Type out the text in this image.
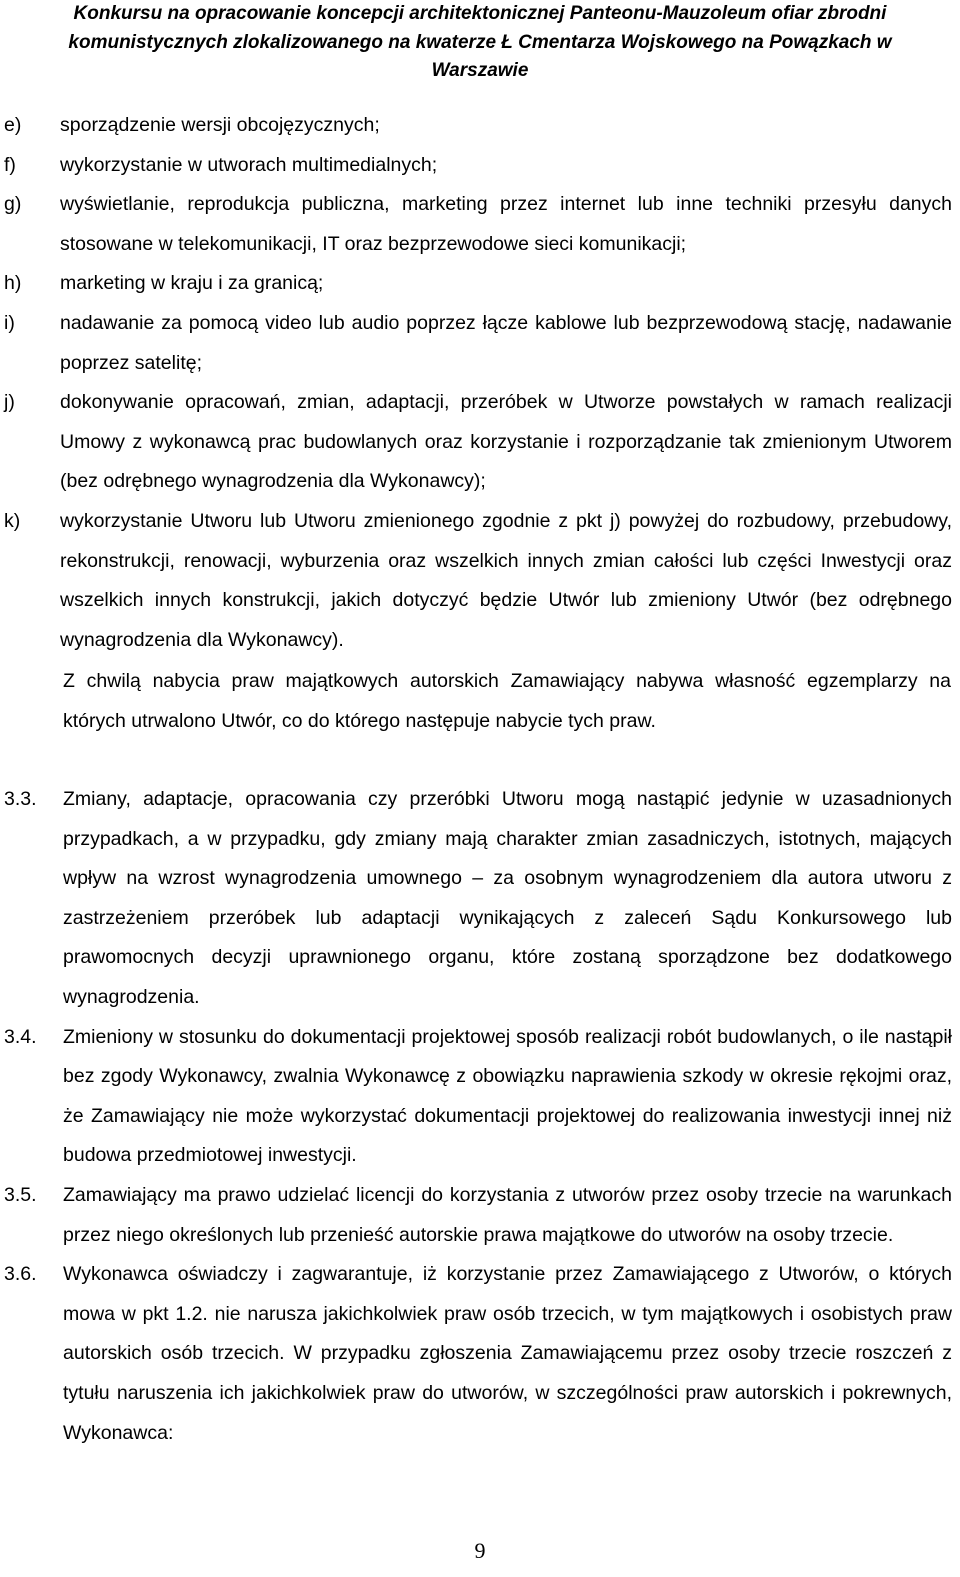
Konkursu na opracowanie koncepcji architektonicznej Panteonu-Mauzoleum ofiar zbrodni
komunistycznych zlokalizowanego na kwaterze Ł Cmentarza Wojskowego na Powązkach w
Warszawie
e) sporządzenie wersji obcojęzycznych;
f) wykorzystanie w utworach multimedialnych;
g) wyświetlanie, reprodukcja publiczna, marketing przez internet lub inne techniki przesyłu danych stosowane w telekomunikacji, IT oraz bezprzewodowe sieci komunikacji;
h) marketing w kraju i za granicą;
i) nadawanie za pomocą video lub audio poprzez łącze kablowe lub bezprzewodową stację, nadawanie poprzez satelitę;
j) dokonywanie opracowań, zmian, adaptacji, przeróbek w Utworze powstałych w ramach realizacji Umowy z wykonawcą prac budowlanych oraz korzystanie i rozporządzanie tak zmienionym Utworem (bez odrębnego wynagrodzenia dla Wykonawcy);
k) wykorzystanie Utworu lub Utworu zmienionego zgodnie z pkt j) powyżej do rozbudowy, przebudowy, rekonstrukcji, renowacji, wyburzenia oraz wszelkich innych zmian całości lub części Inwestycji oraz wszelkich innych konstrukcji, jakich dotyczyć będzie Utwór lub zmieniony Utwór (bez odrębnego wynagrodzenia dla Wykonawcy).
Z chwilą nabycia praw majątkowych autorskich Zamawiający nabywa własność egzemplarzy na których utrwalono Utwór, co do którego następuje nabycie tych praw.
3.3. Zmiany, adaptacje, opracowania czy przeróbki Utworu mogą nastąpić jedynie w uzasadnionych przypadkach, a w przypadku, gdy zmiany mają charakter zmian zasadniczych, istotnych, mających wpływ na wzrost wynagrodzenia umownego – za osobnym wynagrodzeniem dla autora utworu z zastrzeżeniem przeróbek lub adaptacji wynikających z zaleceń Sądu Konkursowego lub prawomocnych decyzji uprawnionego organu, które zostaną sporządzone bez dodatkowego wynagrodzenia.
3.4. Zmieniony w stosunku do dokumentacji projektowej sposób realizacji robót budowlanych, o ile nastąpił bez zgody Wykonawcy, zwalnia Wykonawcę z obowiązku naprawienia szkody w okresie rękojmi oraz, że Zamawiający nie może wykorzystać dokumentacji projektowej do realizowania inwestycji innej niż budowa przedmiotowej inwestycji.
3.5. Zamawiający ma prawo udzielać licencji do korzystania z utworów przez osoby trzecie na warunkach przez niego określonych lub przenieść autorskie prawa majątkowe do utworów na osoby trzecie.
3.6. Wykonawca oświadczy i zagwarantuje, iż korzystanie przez Zamawiającego z Utworów, o których mowa w pkt 1.2. nie narusza jakichkolwiek praw osób trzecich, w tym majątkowych i osobistych praw autorskich osób trzecich. W przypadku zgłoszenia Zamawiającemu przez osoby trzecie roszczeń z tytułu naruszenia ich jakichkolwiek praw do utworów, w szczególności praw autorskich i pokrewnych, Wykonawca:
9
